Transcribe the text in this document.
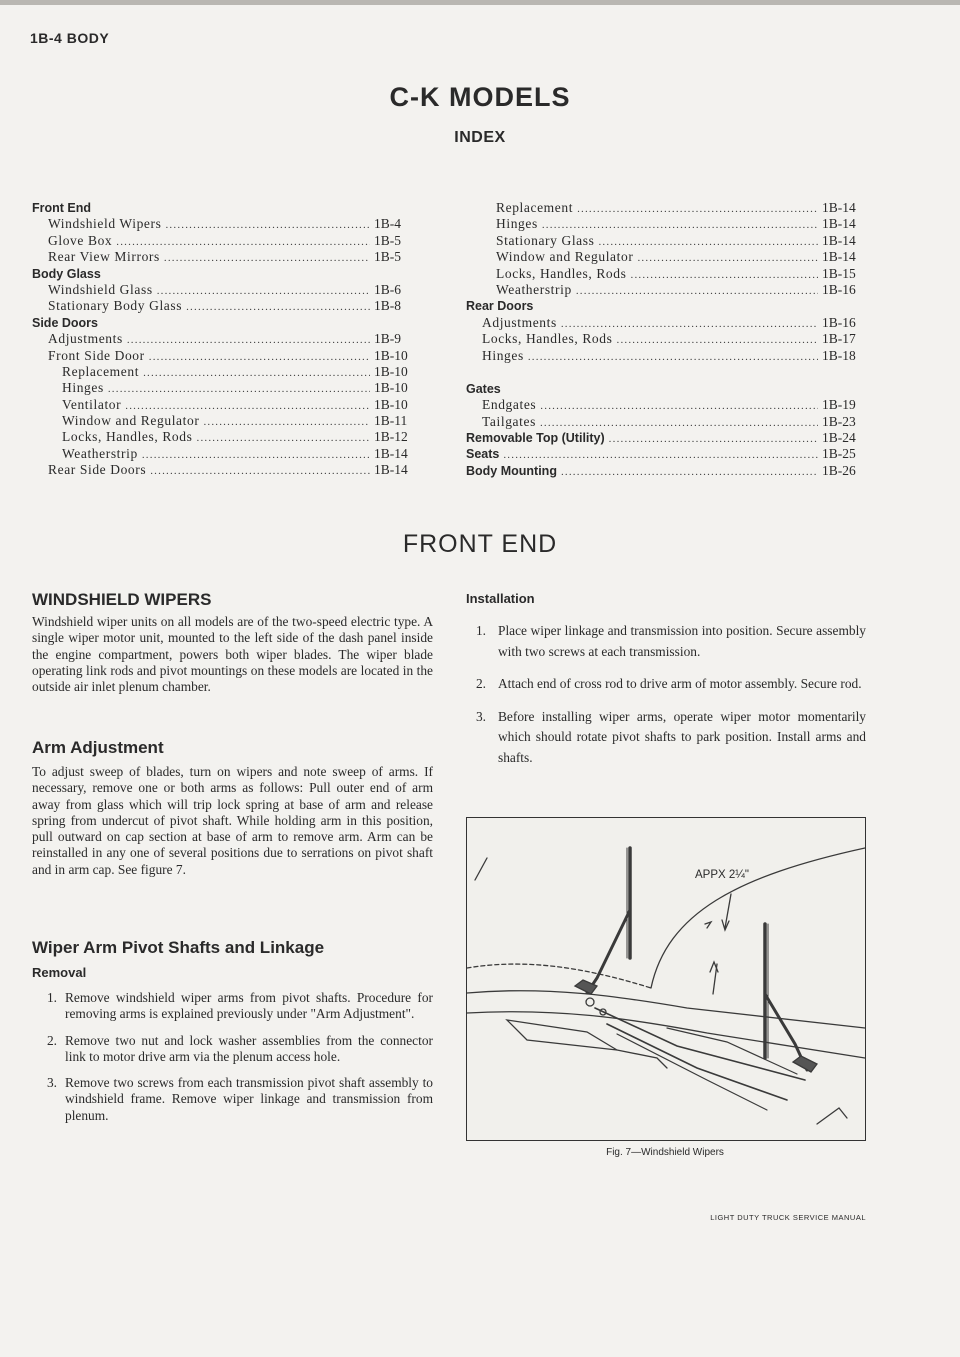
1B-4 BODY
C-K MODELS
INDEX
Front End
Windshield Wipers .....	1B-4
Glove Box .....	1B-5
Rear View Mirrors .....	1B-5
Body Glass
Windshield Glass .....	1B-6
Stationary Body Glass .....	1B-8
Side Doors
Adjustments .....	1B-9
Front Side Door .....	1B-10
Replacement .....	1B-10
Hinges .....	1B-10
Ventilator .....	1B-10
Window and Regulator .....	1B-11
Locks, Handles, Rods .....	1B-12
Weatherstrip .....	1B-14
Rear Side Doors .....	1B-14
Replacement .....	1B-14
Hinges .....	1B-14
Stationary Glass .....	1B-14
Window and Regulator .....	1B-14
Locks, Handles, Rods .....	1B-15
Weatherstrip .....	1B-16
Rear Doors
Adjustments .....	1B-16
Locks, Handles, Rods .....	1B-17
Hinges .....	1B-18
Gates
Endgates .....	1B-19
Tailgates .....	1B-23
Removable Top (Utility) .....	1B-24
Seats .....	1B-25
Body Mounting .....	1B-26
FRONT END
WINDSHIELD WIPERS
Windshield wiper units on all models are of the two-speed electric type. A single wiper motor unit, mounted to the left side of the dash panel inside the engine compartment, powers both wiper blades. The wiper blade operating link rods and pivot mountings on these models are located in the outside air inlet plenum chamber.
Arm Adjustment
To adjust sweep of blades, turn on wipers and note sweep of arms. If necessary, remove one or both arms as follows: Pull outer end of arm away from glass which will trip lock spring at base of arm and release spring from undercut of pivot shaft. While holding arm in this position, pull outward on cap section at base of arm to remove arm. Arm can be reinstalled in any one of several positions due to serrations on pivot shaft and in arm cap. See figure 7.
Wiper Arm Pivot Shafts and Linkage
Removal
1. Remove windshield wiper arms from pivot shafts. Procedure for removing arms is explained previously under "Arm Adjustment".
2. Remove two nut and lock washer assemblies from the connector link to motor drive arm via the plenum access hole.
3. Remove two screws from each transmission pivot shaft assembly to windshield frame. Remove wiper linkage and transmission from plenum.
Installation
1. Place wiper linkage and transmission into position. Secure assembly with two screws at each transmission.
2. Attach end of cross rod to drive arm of motor assembly. Secure rod.
3. Before installing wiper arms, operate wiper motor momentarily which should rotate pivot shafts to park position. Install arms and shafts.
APPX 2¼"
Fig. 7—Windshield Wipers
LIGHT DUTY TRUCK SERVICE MANUAL
